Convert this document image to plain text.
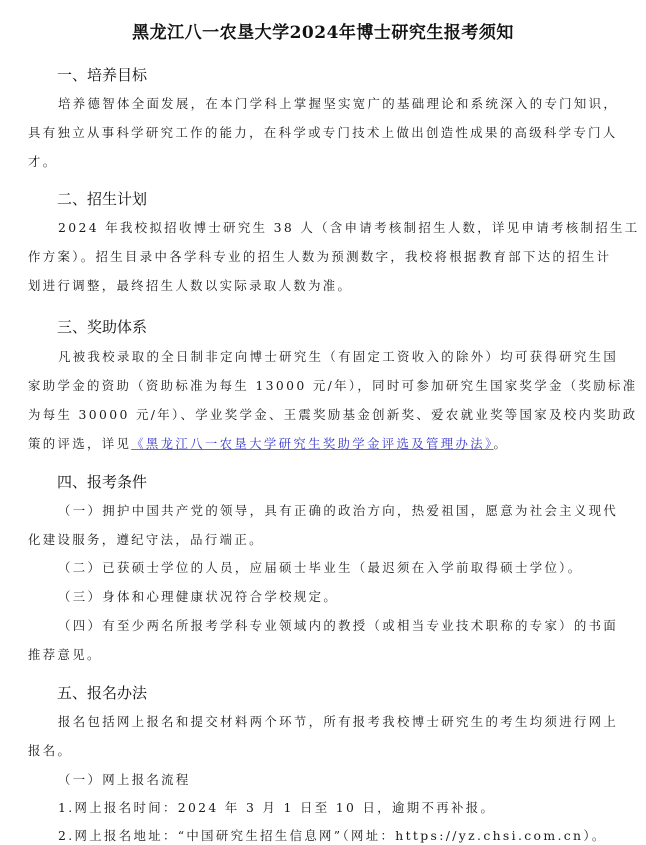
黑龙江八一农垦大学2024年博士研究生报考须知
一、培养目标
培养德智体全面发展，在本门学科上掌握坚实宽广的基础理论和系统深入的专门知识，
具有独立从事科学研究工作的能力，在科学或专门技术上做出创造性成果的高级科学专门人
才。
二、招生计划
2024 年我校拟招收博士研究生 38 人（含申请考核制招生人数，详见申请考核制招生工
作方案）。招生目录中各学科专业的招生人数为预测数字，我校将根据教育部下达的招生计
划进行调整，最终招生人数以实际录取人数为准。
三、奖助体系
凡被我校录取的全日制非定向博士研究生（有固定工资收入的除外）均可获得研究生国
家助学金的资助（资助标准为每生 13000 元/年），同时可参加研究生国家奖学金（奖励标准
为每生 30000 元/年）、学业奖学金、王震奖励基金创新奖、爱农就业奖等国家及校内奖助政
策的评选，详见《黑龙江八一农垦大学研究生奖助学金评选及管理办法》。
四、报考条件
（一）拥护中国共产党的领导，具有正确的政治方向，热爱祖国，愿意为社会主义现代
化建设服务，遵纪守法，品行端正。
（二）已获硕士学位的人员，应届硕士毕业生（最迟须在入学前取得硕士学位）。
（三）身体和心理健康状况符合学校规定。
（四）有至少两名所报考学科专业领域内的教授（或相当专业技术职称的专家）的书面
推荐意见。
五、报名办法
报名包括网上报名和提交材料两个环节，所有报考我校博士研究生的考生均须进行网上
报名。
（一）网上报名流程
1.网上报名时间：2024 年 3 月 1 日至 10 日，逾期不再补报。
2.网上报名地址：“中国研究生招生信息网”（网址：https://yz.chsi.com.cn）。
